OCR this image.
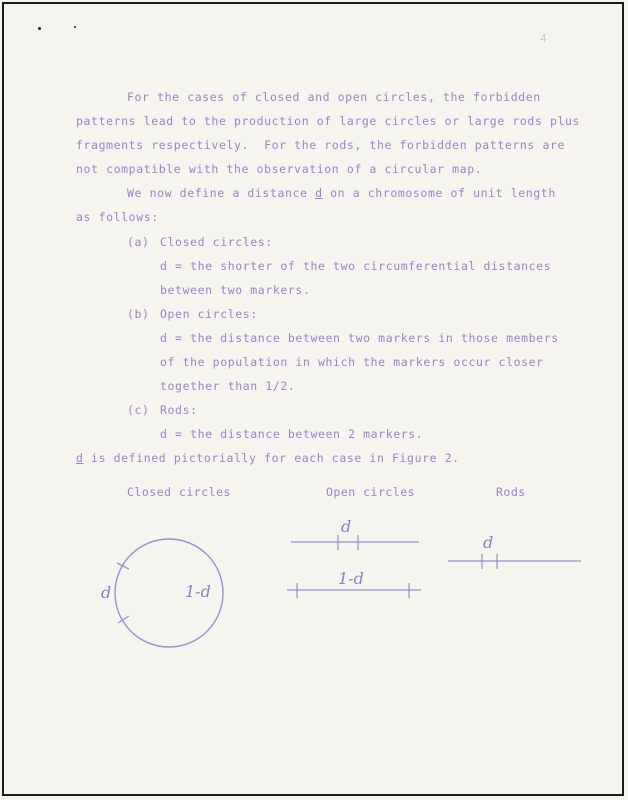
4
For the cases of closed and open circles, the forbidden
patterns lead to the production of large circles or large rods plus
fragments respectively.  For the rods, the forbidden patterns are
not compatible with the observation of a circular map.
We now define a distance d on a chromosome of unit length
as follows:
(a) Closed circles:
d = the shorter of the two circumferential distances
between two markers.
(b) Open circles:
d = the distance between two markers in those members
of the population in which the markers occur closer
together than 1/2.
(c) Rods:
d = the distance between 2 markers.
d is defined pictorially for each case in Figure 2.
Closed circles	Open circles	Rods
d	1-d
d
1-d
d
